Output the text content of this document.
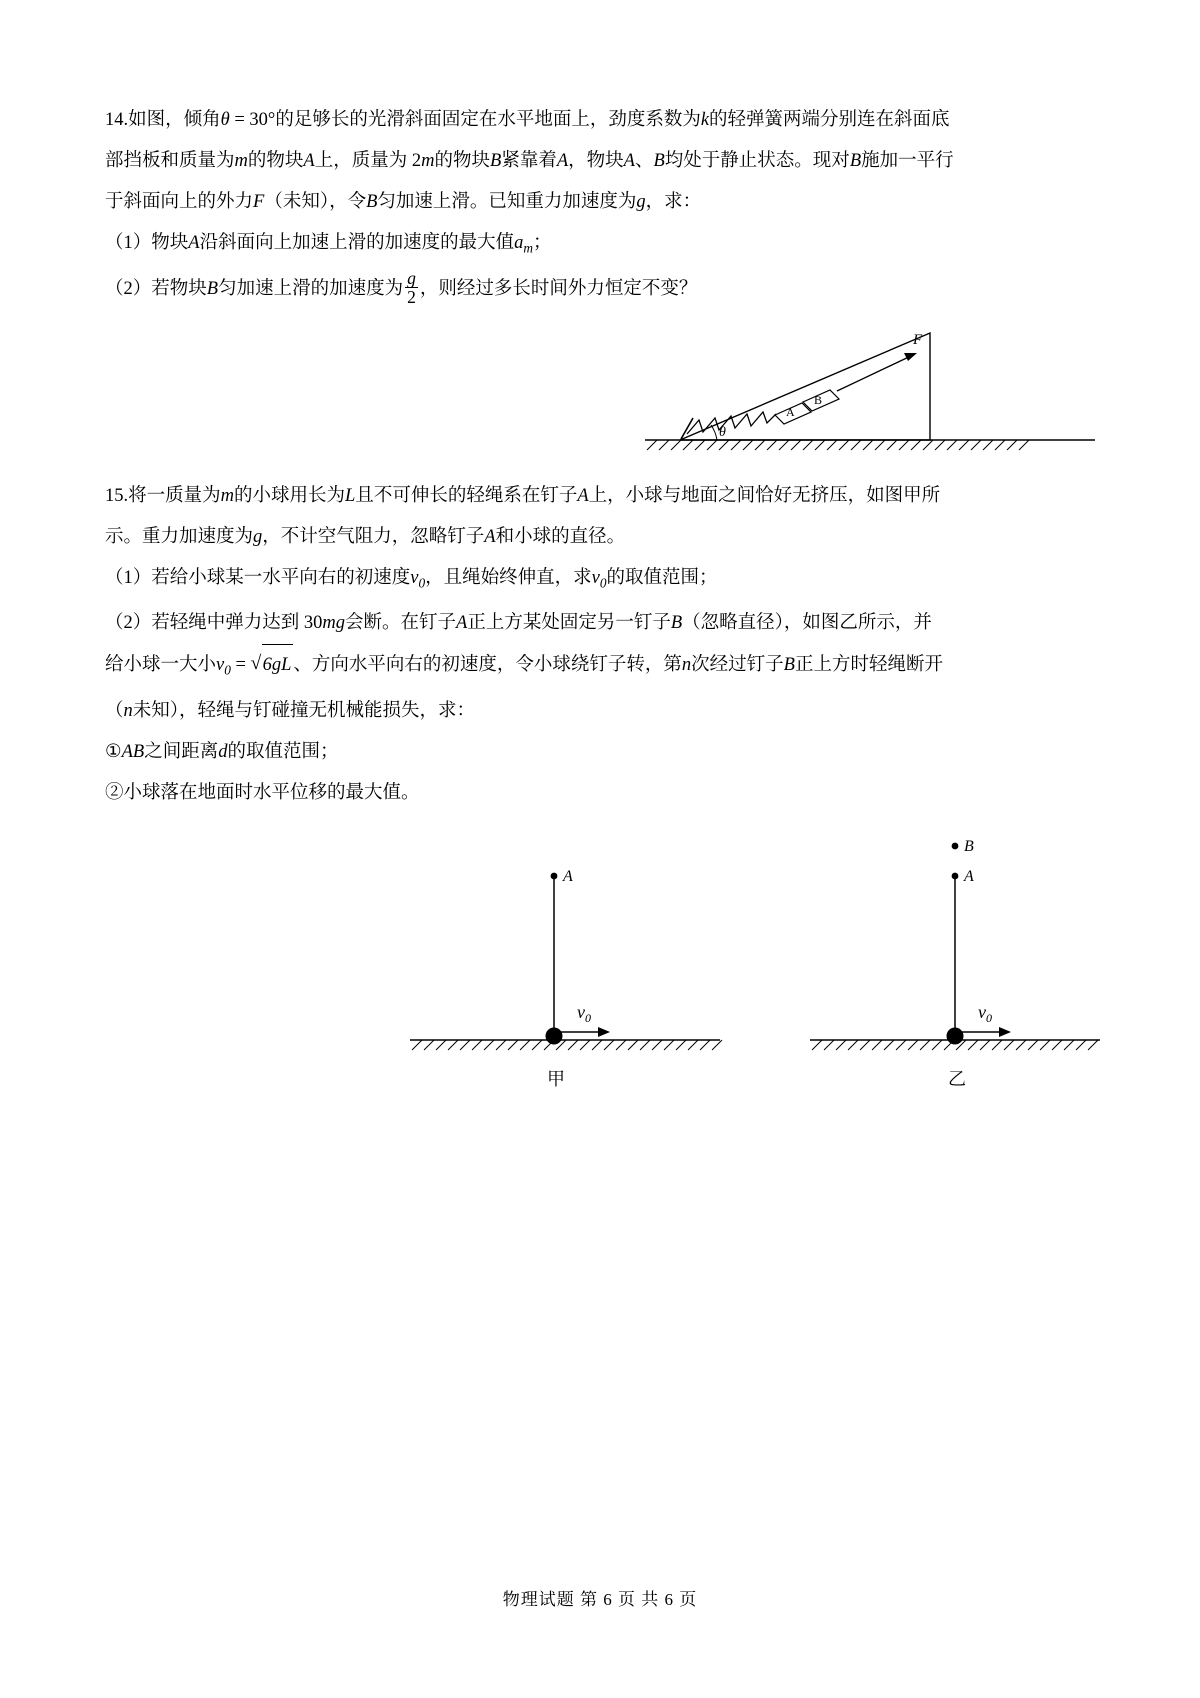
14.如图，倾角θ = 30°的足够长的光滑斜面固定在水平地面上，劲度系数为k的轻弹簧两端分别连在斜面底

部挡板和质量为m的物块A上，质量为 2m的物块B紧靠着A，物块A、B均处于静止状态。现对B施加一平行

于斜面向上的外力F（未知），令B匀加速上滑。已知重力加速度为g，求：

（1）物块A沿斜面向上加速上滑的加速度的最大值$a_m$；

（2）若物块B匀加速上滑的加速度为 $\frac{g}{2}$ ，则经过多长时间外力恒定不变？

A
B
F
θ

15.将一质量为m的小球用长为L且不可伸长的轻绳系在钉子A上，小球与地面之间恰好无挤压，如图甲所

示。重力加速度为g，不计空气阻力，忽略钉子A和小球的直径。

（1）若给小球某一水平向右的初速度$v_0$，且绳始终伸直，求$v_0$的取值范围；

（2）若轻绳中弹力达到 30mg会断。在钉子A正上方某处固定另一钉子B（忽略直径），如图乙所示，并

给小球一大小$v_0$ = √ 6gL 、方向水平向右的初速度，令小球绕钉子转，第n次经过钉子B正上方时轻绳断开

（n未知），轻绳与钉碰撞无机械能损失，求：

①AB之间距离d的取值范围；

②小球落在地面时水平位移的最大值。

A
$v_0$
甲
B
A
$v_0$
乙
物理试题 第 6 页 共 6 页
